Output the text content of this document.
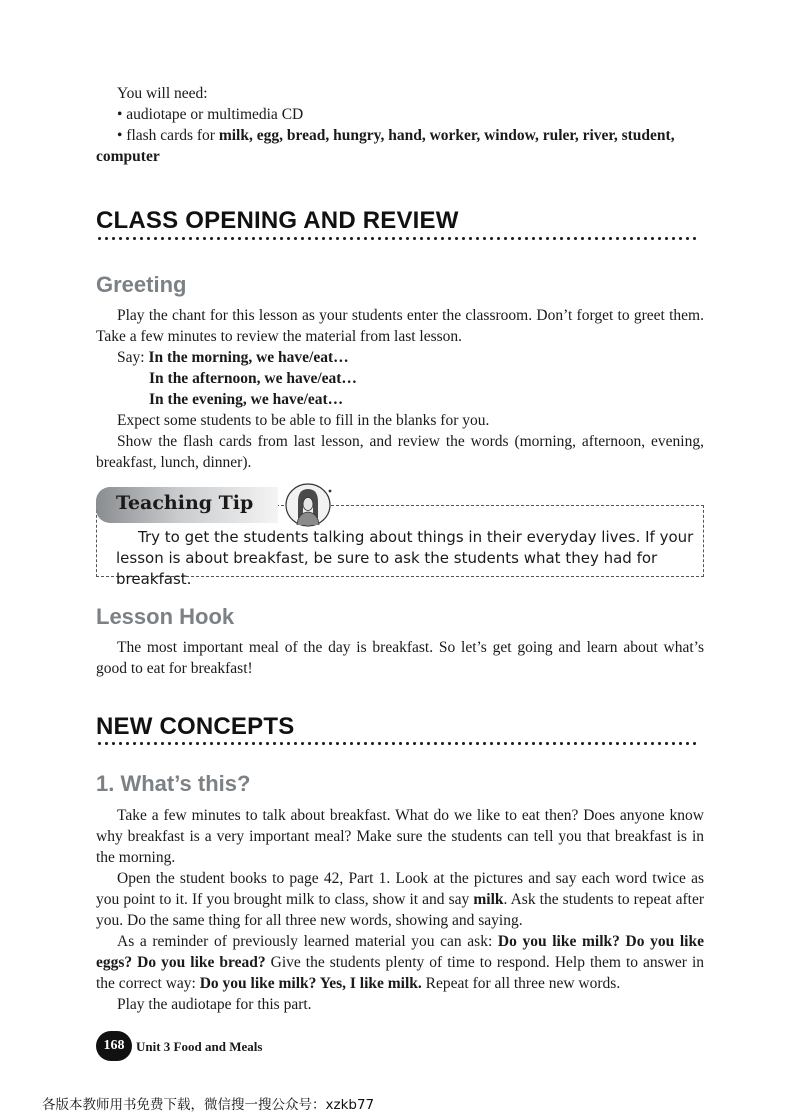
You will need:

• audiotape or multimedia CD

• flash cards for milk, egg, bread, hungry, hand, worker, window, ruler, river, student, computer

CLASS OPENING AND REVIEW
Greeting

Play the chant for this lesson as your students enter the classroom. Don’t forget to greet them. Take a few minutes to review the material from last lesson.

Say: In the morning, we have/eat…

In the afternoon, we have/eat…

In the evening, we have/eat…

Expect some students to be able to fill in the blanks for you.

Show the flash cards from last lesson, and review the words (morning, afternoon, evening, breakfast, lunch, dinner).

Teaching Tip
Try to get the students talking about things in their everyday lives. If your lesson is about breakfast, be sure to ask the students what they had for breakfast.
Lesson Hook

The most important meal of the day is breakfast. So let’s get going and learn about what’s good to eat for breakfast!

NEW CONCEPTS
1. What’s this?

Take a few minutes to talk about breakfast. What do we like to eat then? Does anyone know why breakfast is a very important meal? Make sure the students can tell you that breakfast is in the morning.

Open the student books to page 42, Part 1. Look at the pictures and say each word twice as you point to it. If you brought milk to class, show it and say milk. Ask the students to repeat after you. Do the same thing for all three new words, showing and saying.

As a reminder of previously learned material you can ask: Do you like milk? Do you like eggs? Do you like bread? Give the students plenty of time to respond. Help them to answer in the correct way: Do you like milk? Yes, I like milk. Repeat for all three new words.

Play the audiotape for this part.

168 Unit 3 Food and Meals
各版本教师用书免费下载，微信搜一搜公众号：xzkb77
